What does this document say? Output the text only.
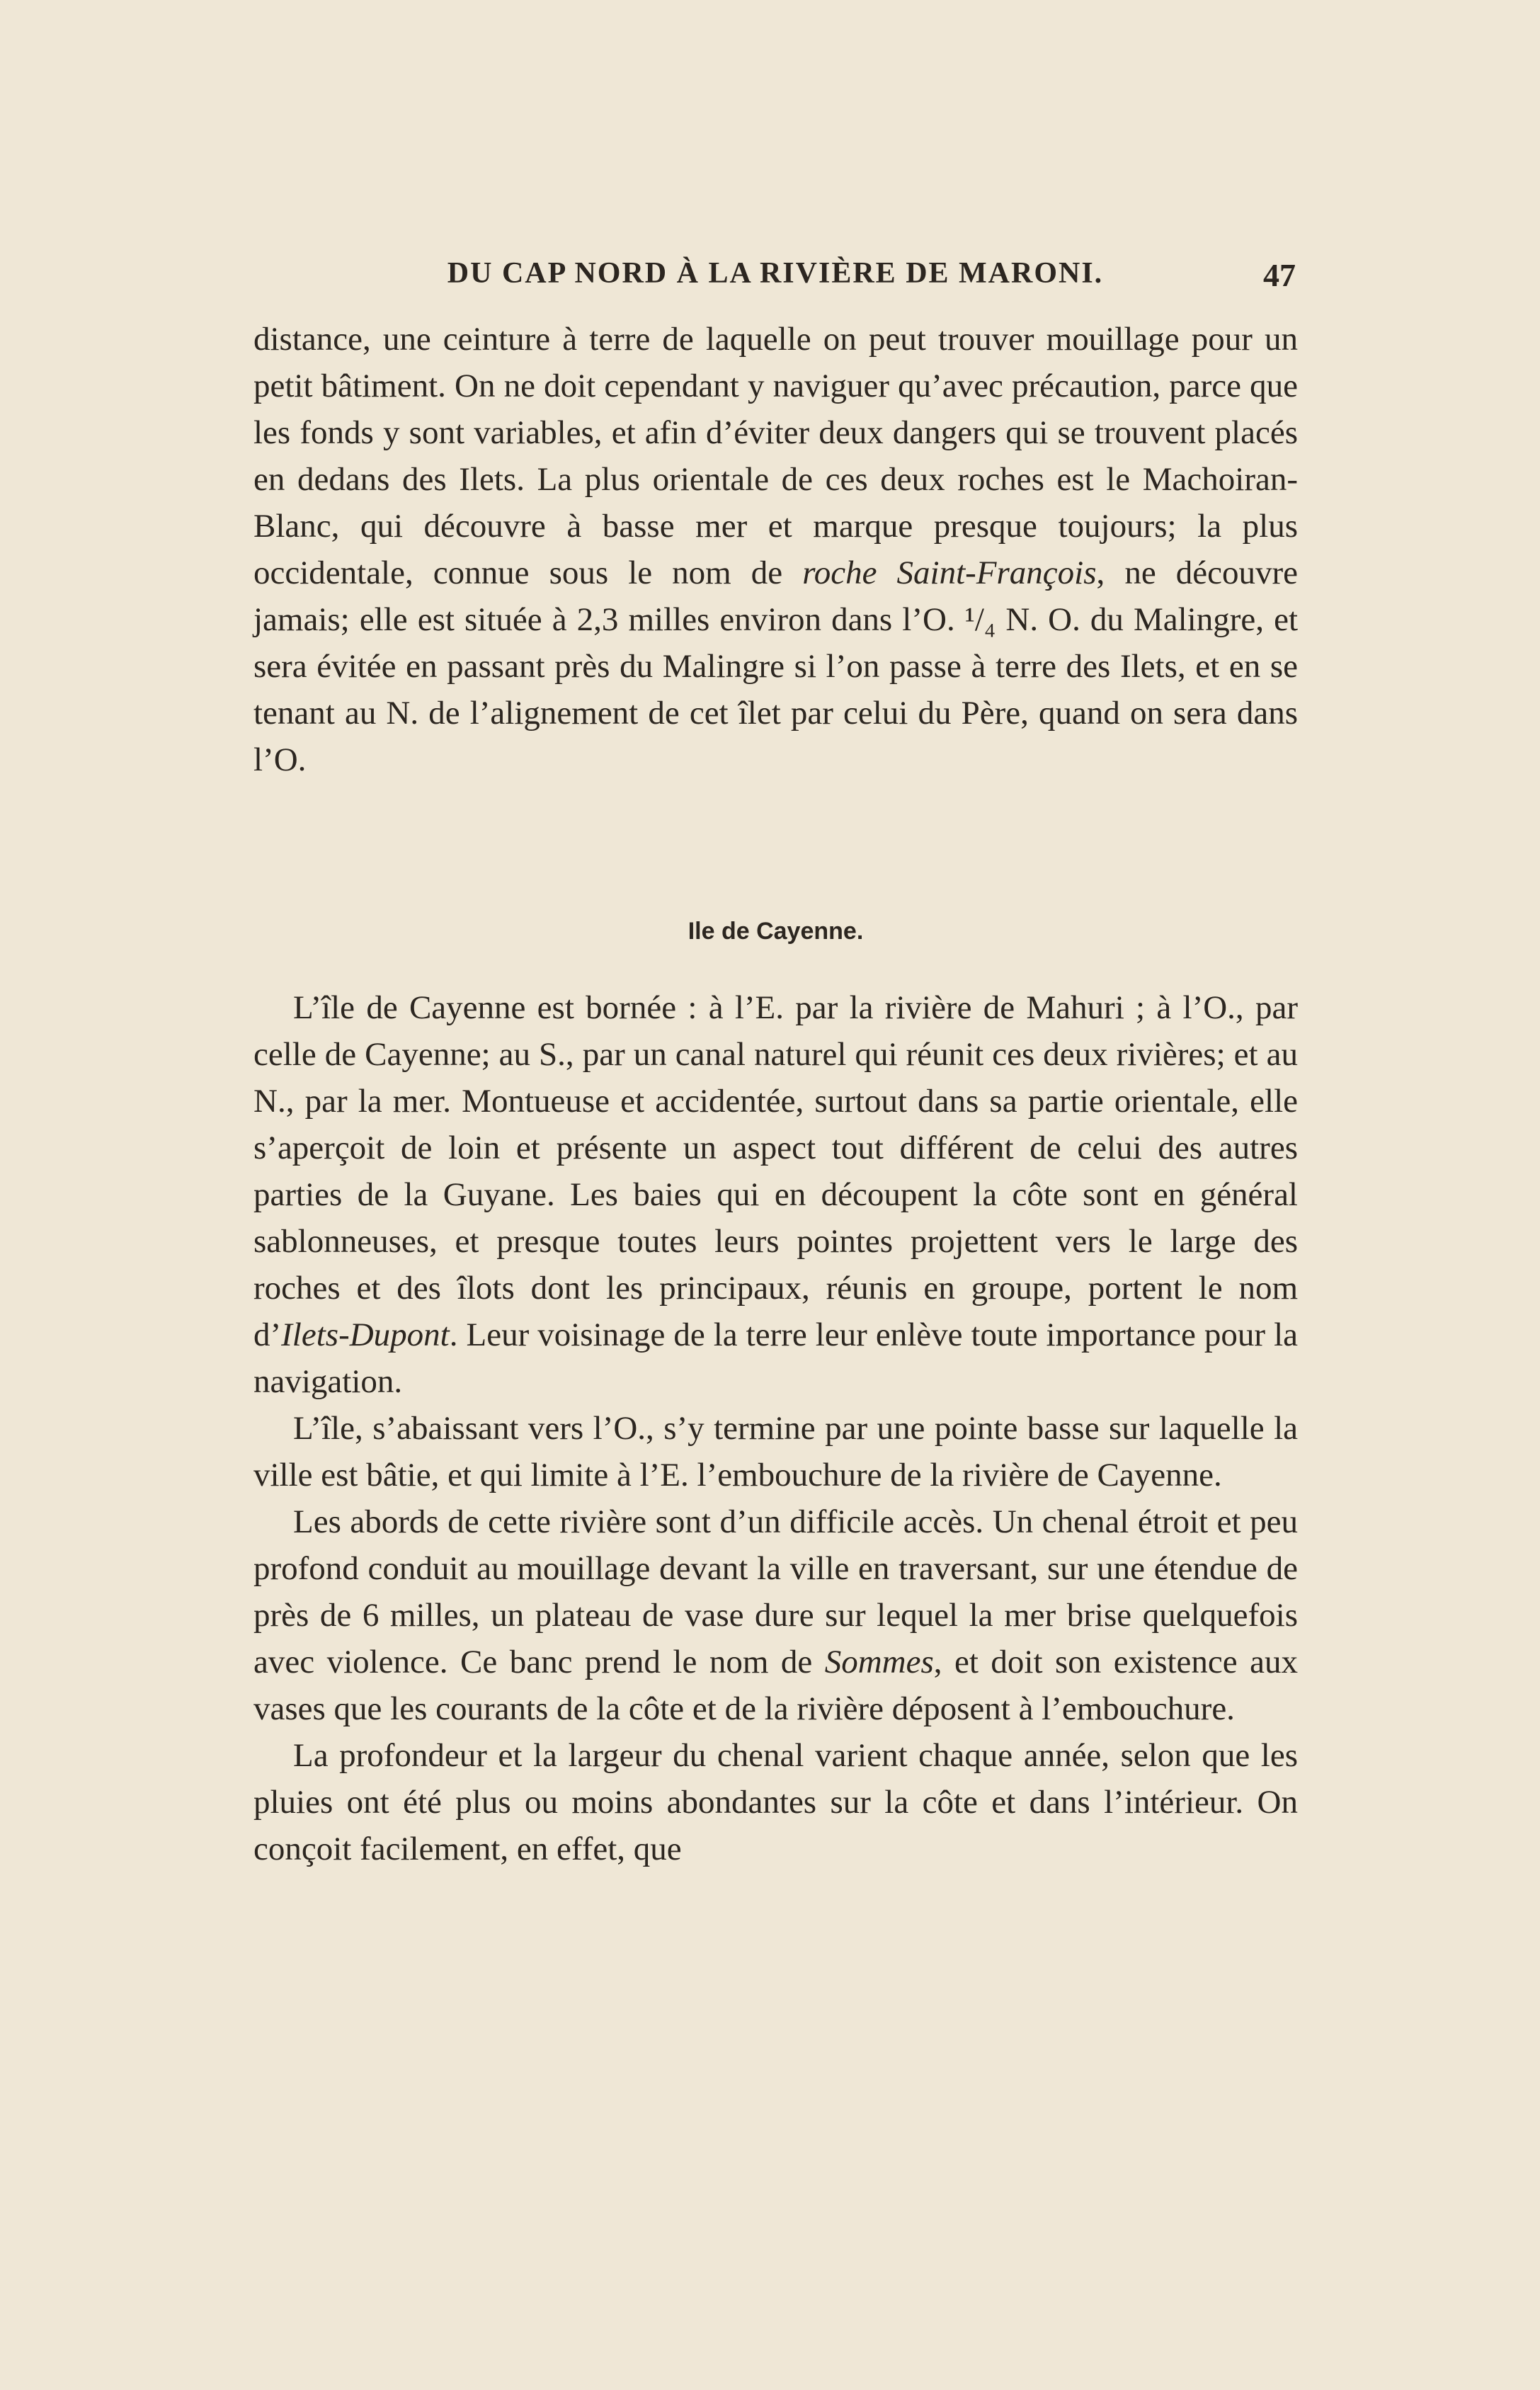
DU CAP NORD À LA RIVIÈRE DE MARONI.	47

distance, une ceinture à terre de laquelle on peut trouver mouillage pour un petit bâtiment. On ne doit cependant y naviguer qu’avec précaution, parce que les fonds y sont variables, et afin d’éviter deux dangers qui se trouvent placés en dedans des Ilets. La plus orientale de ces deux roches est le Machoiran-Blanc, qui découvre à basse mer et marque presque toujours; la plus occidentale, connue sous le nom de roche Saint-François, ne découvre jamais; elle est située à 2,3 milles environ dans l’O. ¹/₄ N. O. du Malingre, et sera évitée en passant près du Malingre si l’on passe à terre des Ilets, et en se tenant au N. de l’alignement de cet îlet par celui du Père, quand on sera dans l’O.

Ile de Cayenne.

L’île de Cayenne est bornée : à l’E. par la rivière de Mahuri ; à l’O., par celle de Cayenne; au S., par un canal naturel qui réunit ces deux rivières; et au N., par la mer. Montueuse et accidentée, surtout dans sa partie orientale, elle s’aperçoit de loin et présente un aspect tout différent de celui des autres parties de la Guyane. Les baies qui en découpent la côte sont en général sablonneuses, et presque toutes leurs pointes projettent vers le large des roches et des îlots dont les principaux, réunis en groupe, portent le nom d’Ilets-Dupont. Leur voisinage de la terre leur enlève toute importance pour la navigation.

L’île, s’abaissant vers l’O., s’y termine par une pointe basse sur laquelle la ville est bâtie, et qui limite à l’E. l’embouchure de la rivière de Cayenne.

Les abords de cette rivière sont d’un difficile accès. Un chenal étroit et peu profond conduit au mouillage devant la ville en traversant, sur une étendue de près de 6 milles, un plateau de vase dure sur lequel la mer brise quelquefois avec violence. Ce banc prend le nom de Sommes, et doit son existence aux vases que les courants de la côte et de la rivière déposent à l’embouchure.

La profondeur et la largeur du chenal varient chaque année, selon que les pluies ont été plus ou moins abondantes sur la côte et dans l’intérieur. On conçoit facilement, en effet, que
